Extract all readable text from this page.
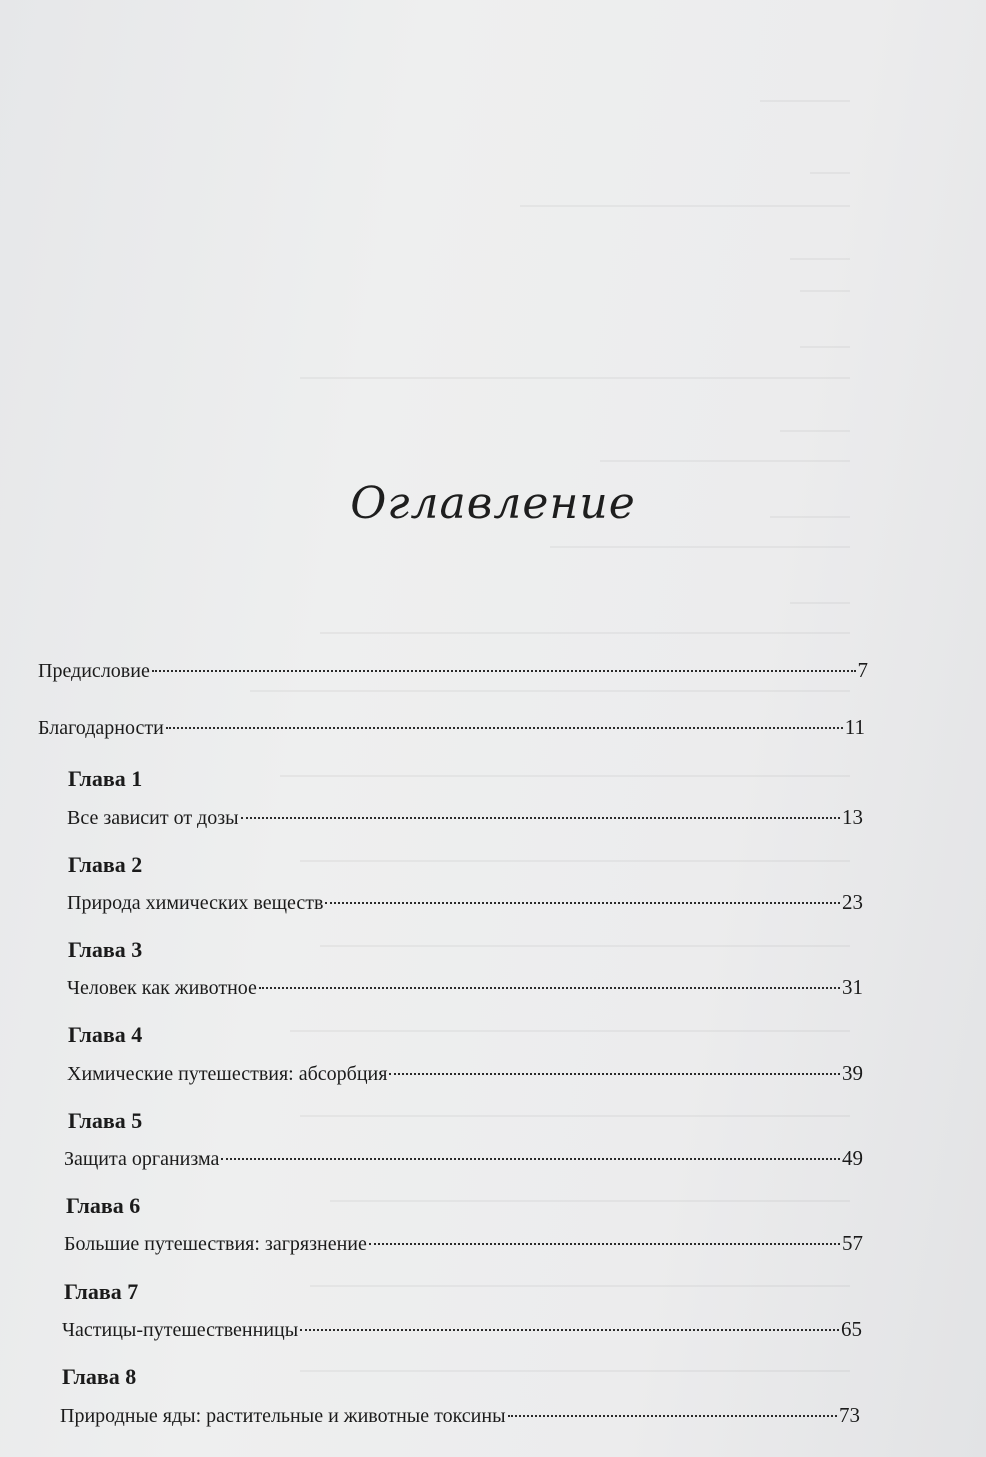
Оглавление
Предисловие	7
Благодарности	11
Глава 1
Все зависит от дозы	13
Глава 2
Природа химических веществ	23
Глава 3
Человек как животное	31
Глава 4
Химические путешествия: абсорбция	39
Глава 5
Защита организма	49
Глава 6
Большие путешествия: загрязнение	57
Глава 7
Частицы-путешественницы	65
Глава 8
Природные яды: растительные и животные токсины	73
